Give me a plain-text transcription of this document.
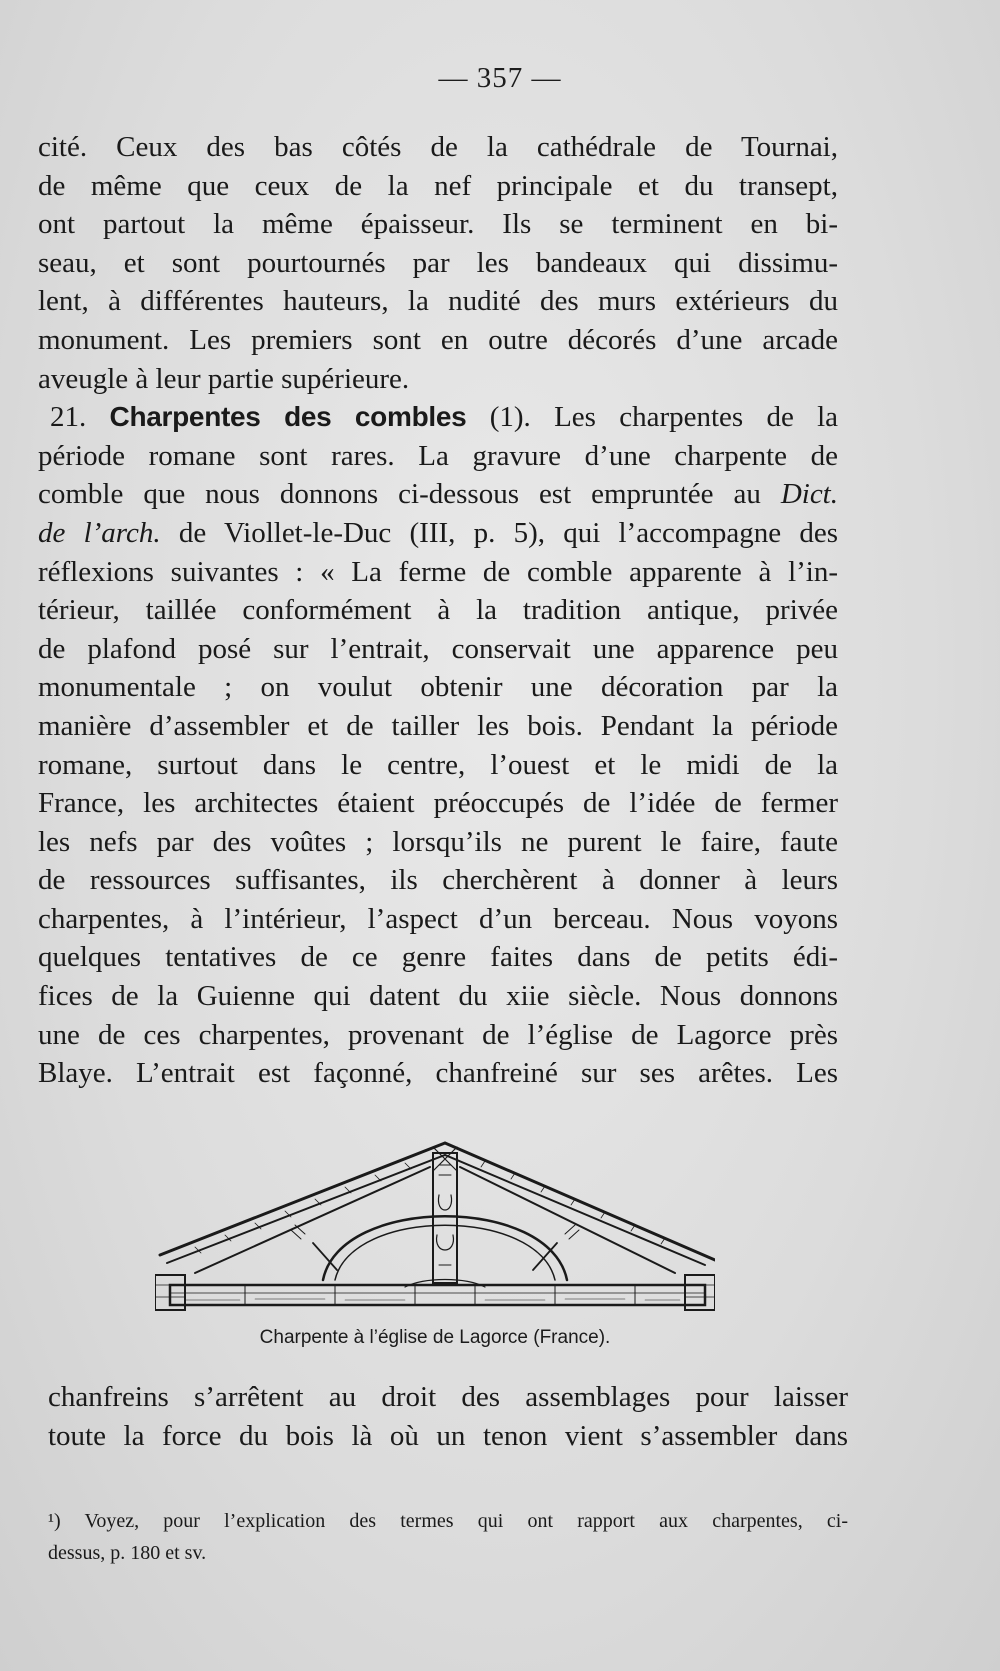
— 357 —
cité. Ceux des bas côtés de la cathédrale de Tournai,
de même que ceux de la nef principale et du transept,
ont partout la même épaisseur. Ils se terminent en bi-
seau, et sont pourtournés par les bandeaux qui dissimu-
lent, à différentes hauteurs, la nudité des murs extérieurs du
monument. Les premiers sont en outre décorés d’une arcade
aveugle à leur partie supérieure.
21. Charpentes des combles (1). Les charpentes de la
période romane sont rares. La gravure d’une charpente de
comble que nous donnons ci-dessous est empruntée au Dict.
de l’arch. de Viollet-le-Duc (III, p. 5), qui l’accompagne des
réflexions suivantes : « La ferme de comble apparente à l’in-
térieur, taillée conformément à la tradition antique, privée
de plafond posé sur l’entrait, conservait une apparence peu
monumentale ; on voulut obtenir une décoration par la
manière d’assembler et de tailler les bois. Pendant la période
romane, surtout dans le centre, l’ouest et le midi de la
France, les architectes étaient préoccupés de l’idée de fermer
les nefs par des voûtes ; lorsqu’ils ne purent le faire, faute
de ressources suffisantes, ils cherchèrent à donner à leurs
charpentes, à l’intérieur, l’aspect d’un berceau. Nous voyons
quelques tentatives de ce genre faites dans de petits édi-
fices de la Guienne qui datent du xiie siècle. Nous donnons
une de ces charpentes, provenant de l’église de Lagorce près
Blaye. L’entrait est façonné, chanfreiné sur ses arêtes. Les
Charpente à l’église de Lagorce (France).
chanfreins s’arrêtent au droit des assemblages pour laisser
toute la force du bois là où un tenon vient s’assembler dans
¹) Voyez, pour l’explication des termes qui ont rapport aux charpentes, ci-
dessus, p. 180 et sv.
